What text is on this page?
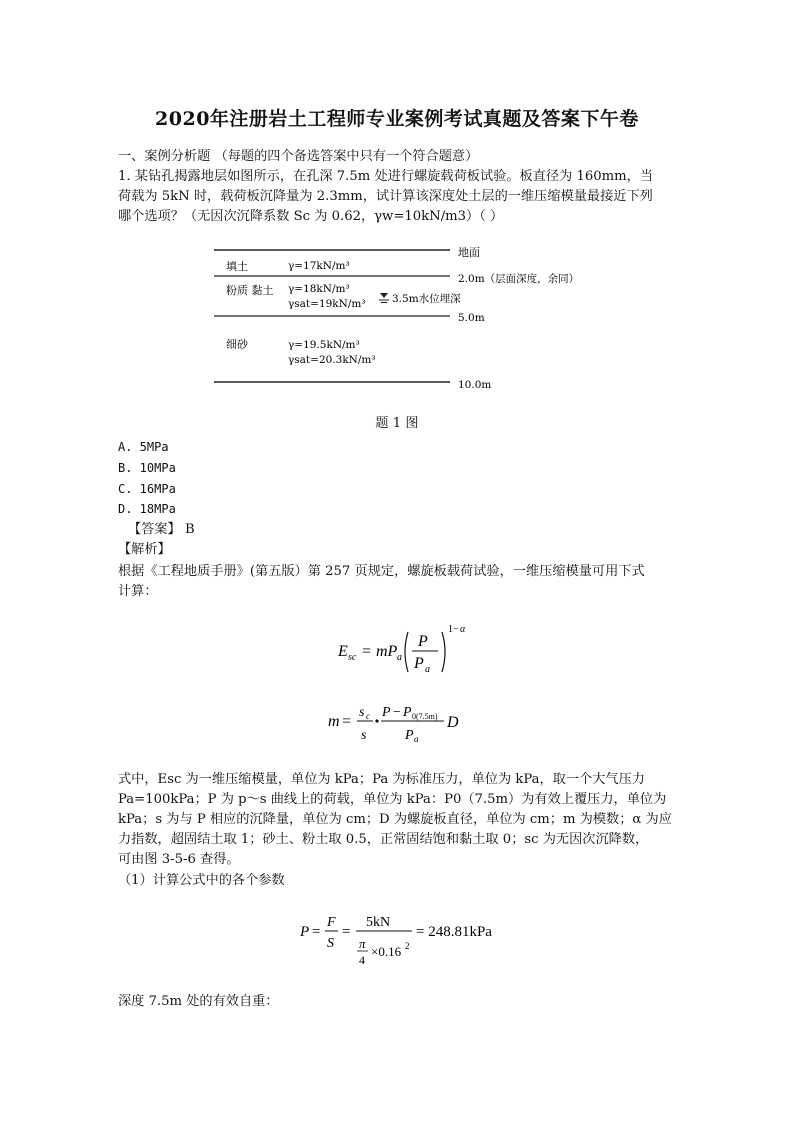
2020年注册岩土工程师专业案例考试真题及答案下午卷
一、案例分析题 （每题的四个备选答案中只有一个符合题意）
1. 某钻孔揭露地层如图所示，在孔深 7.5m 处进行螺旋载荷板试验。板直径为 160mm，当
荷载为 5kN 时，载荷板沉降量为 2.3mm，试计算该深度处土层的一维压缩模量最接近下列
哪个选项？（无因次沉降系数 Sc 为 0.62，γw=10kN/m3）（ ）
地面
2.0m（层面深度，余同）
5.0m
10.0m
填土	γ=17kN/m³
粉质 黏土 γ=18kN/m³
γsat=19kN/m³	3.5m水位埋深
细砂	γ=19.5kN/m³
γsat=20.3kN/m³
题 1 图
A. 5MPa
B. 10MPa
C. 16MPa
D. 18MPa
【答案】 B
【解析】
根据《工程地质手册》(第五版）第 257 页规定，螺旋板载荷试验，一维压缩模量可用下式
计算：
E sc = mP a
P
P a
1− α
m =
s c
s
P − P 0(7.5m)
P a
D
式中，Esc 为一维压缩模量，单位为 kPa；Pa 为标准压力，单位为 kPa，取一个大气压力
Pa=100kPa；P 为 p～s 曲线上的荷载，单位为 kPa：P0（7.5m）为有效上覆压力，单位为
kPa；s 为与 P 相应的沉降量，单位为 cm；D 为螺旋板直径，单位为 cm；m 为模数；α 为应
力指数，超固结土取 1；砂土、粉土取 0.5，正常固结饱和黏土取 0；sc 为无因次沉降数，
可由图 3-5-6 查得。
（1）计算公式中的各个参数
P =
F
S
=
5kN
π
4
×0.16 2
= 248.81kPa
深度 7.5m 处的有效自重：
